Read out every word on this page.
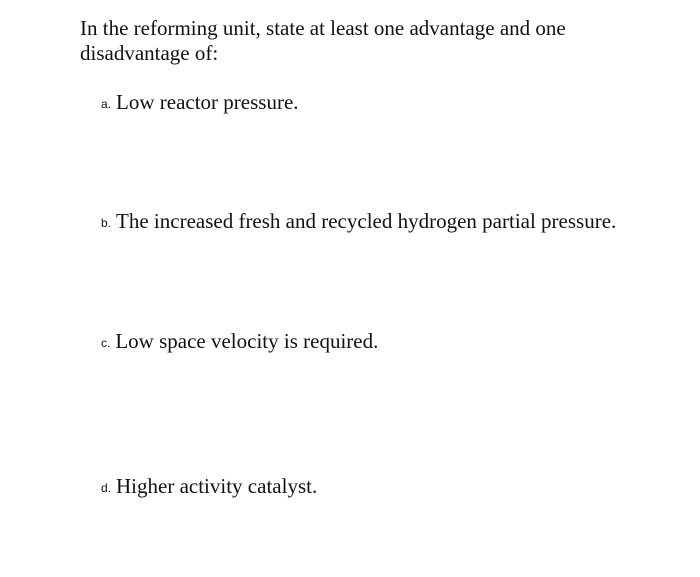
In the reforming unit, state at least one advantage and one disadvantage of:

a. Low reactor pressure.
b. The increased fresh and recycled hydrogen partial pressure.
c. Low space velocity is required.
d. Higher activity catalyst.
